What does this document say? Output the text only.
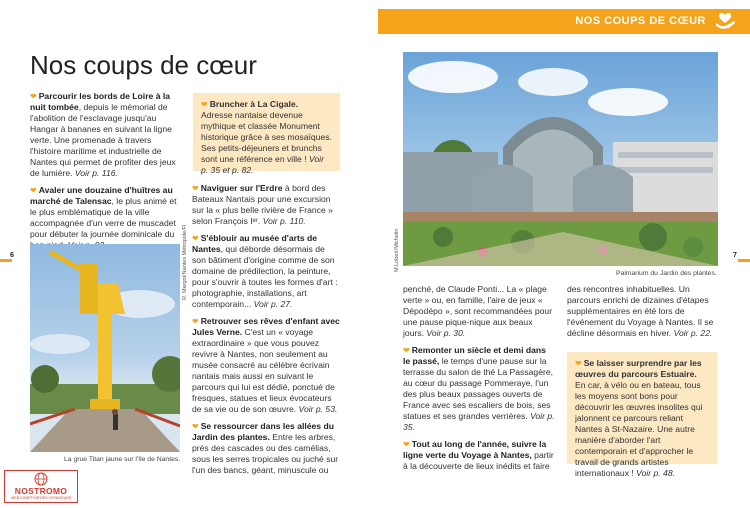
NOS COUPS DE CŒUR
Nos coups de cœur

❤ Parcourir les bords de Loire à la nuit tombée, depuis le mémorial de l'abolition de l'esclavage jusqu'au Hangar à bananes en suivant la ligne verte. Une promenade à travers l'histoire maritime et industrielle de Nantes qui permet de profiter des jeux de lumière. Voir p. 116.

❤ Avaler une douzaine d'huîtres au marché de Talensac, le plus animé et le plus emblématique de la ville accompagnée d'un verre de muscadet pour débuter la journée dominicale du

❤ Bruncher à La Cigale.
Adresse nantaise devenue mythique et classée Monument historique grâce à ses mosaïques. Ses petits-déjeuners et brunchs sont une référence en ville ! Voir p. 35 et p. 82.

❤ Naviguer sur l'Erdre à bord des Bateaux Nantais pour une excursion sur la « plus belle rivière de France » selon François Iᵉʳ. Voir p. 110.

❤ S'éblouir au musée d'arts de Nantes, qui déborde désormais de son bâtiment d'origine comme de son domaine de prédilection, la peinture, pour s'ouvrir à toutes les formes d'art : photographie, installations, art contemporain... Voir p. 27.

❤ Retrouver ses rêves d'enfant avec Jules Verne. C'est un « voyage extraordinaire » que vous pouvez revivre à Nantes, non seulement au musée consacré au célèbre écrivain nantais mais aussi en suivant le parcours qui lui est dédié, ponctué de fresques, statues et lieux évocateurs de sa vie ou de son œuvre. Voir p. 53.

❤ Se ressourcer dans les allées du Jardin des plantes. Entre les arbres, près des cascades ou des camélias, sous les serres tropicales ou juché sur l'un des bancs, géant, minuscule ou

penché, de Claude Ponti... La « plage verte » ou, en famille, l'aire de jeux « Dépodépo », sont recommandées pour une pause pique-nique aux beaux jours. Voir p. 30.

❤ Remonter un siècle et demi dans le passé, le temps d'une pause sur la terrasse du salon de thé La Passagère, au cœur du passage Pommeraye, l'un des plus beaux passages ouverts de France avec ses escaliers de bois, ses statues et ses grandes verrières. Voir p. 35.

❤ Tout au long de l'année, suivre la ligne verte du Voyage à Nantes, partir à la découverte de lieux inédits et faire

des rencontres inhabituelles. Un parcours enrichi de dizaines d'étapes supplémentaires en été lors de l'événement du Voyage à Nantes. Il se décline désormais en hiver. Voir p. 22.

❤ Se laisser surprendre par les œuvres du parcours Estuaire.
En car, à vélo ou en bateau, tous les moyens sont bons pour découvrir les œuvres insolites qui jalonnent ce parcours reliant Nantes à St-Nazaire. Une autre manière d'aborder l'art contemporain et d'approcher le travail de grands artistes internationaux ! Voir p. 48.
La grue Titan jaune sur l'île de Nantes.
R. Margot/Nantes Métropole/Fl	Palmarium du Jardin des plantes.
M.Lobert/Michelin
6	7
NOSTROMO
WEB COMPTOIR DES VOYAGEURS
